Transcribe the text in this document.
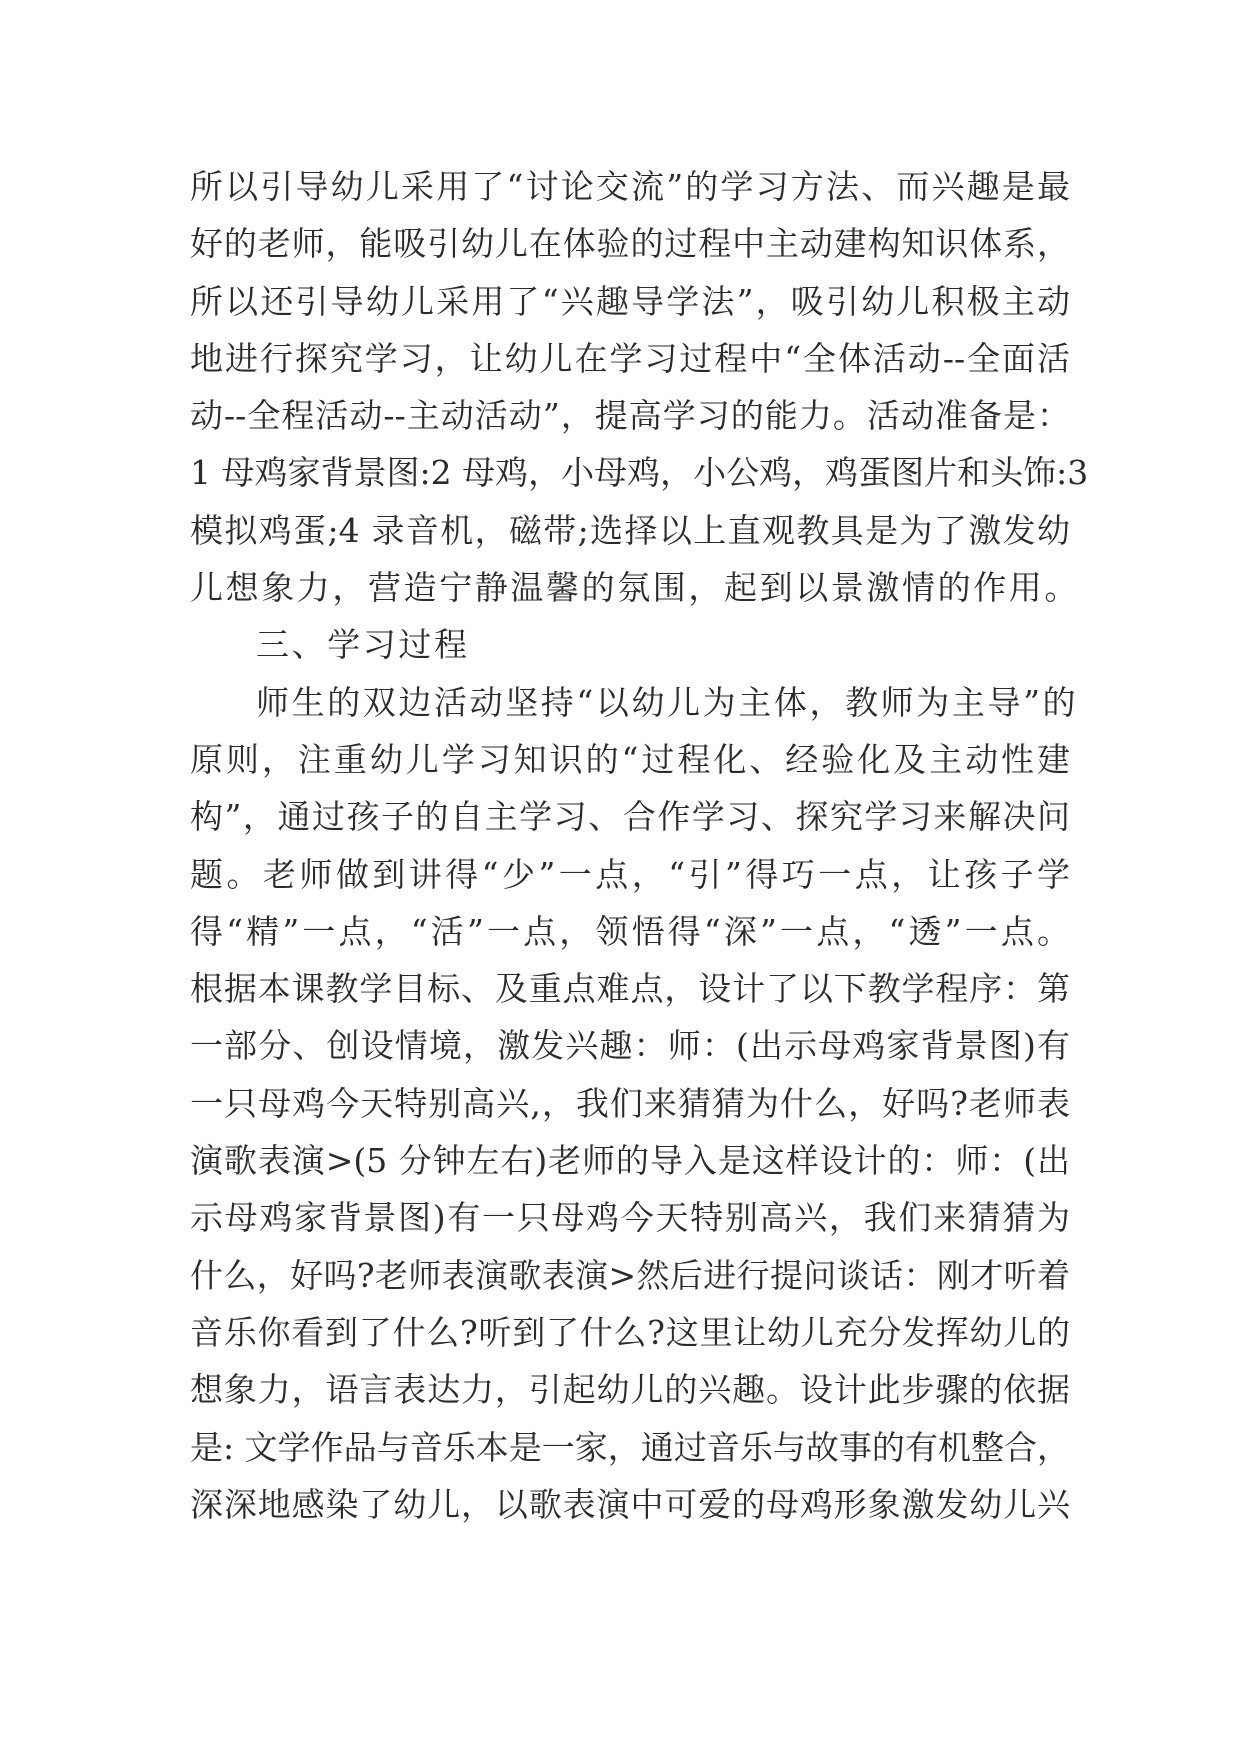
所以引导幼儿采用了“讨论交流”的学习方法、而兴趣是最
好的老师，能吸引幼儿在体验的过程中主动建构知识体系，
所以还引导幼儿采用了“兴趣导学法”，吸引幼儿积极主动
地进行探究学习，让幼儿在学习过程中“全体活动--全面活
动--全程活动--主动活动”，提高学习的能力。活动准备是：
1 母鸡家背景图:2 母鸡，小母鸡，小公鸡，鸡蛋图片和头饰:3
模拟鸡蛋;4 录音机，磁带;选择以上直观教具是为了激发幼
儿想象力，营造宁静温馨的氛围，起到以景激情的作用。
三、学习过程
师生的双边活动坚持“以幼儿为主体，教师为主导”的
原则，注重幼儿学习知识的“过程化、经验化及主动性建
构”，通过孩子的自主学习、合作学习、探究学习来解决问
题。老师做到讲得“少”一点，“引”得巧一点，让孩子学
得“精”一点，“活”一点，领悟得“深”一点，“透”一点。
根据本课教学目标、及重点难点，设计了以下教学程序：第
一部分、创设情境，激发兴趣：师：(出示母鸡家背景图)有
一只母鸡今天特别高兴,，我们来猜猜为什么，好吗?老师表
演歌表演>(5 分钟左右)老师的导入是这样设计的：师：(出
示母鸡家背景图)有一只母鸡今天特别高兴，我们来猜猜为
什么，好吗?老师表演歌表演>然后进行提问谈话：刚才听着
音乐你看到了什么?听到了什么?这里让幼儿充分发挥幼儿的
想象力，语言表达力，引起幼儿的兴趣。设计此步骤的依据
是: 文学作品与音乐本是一家，通过音乐与故事的有机整合，
深深地感染了幼儿，以歌表演中可爱的母鸡形象激发幼儿兴
